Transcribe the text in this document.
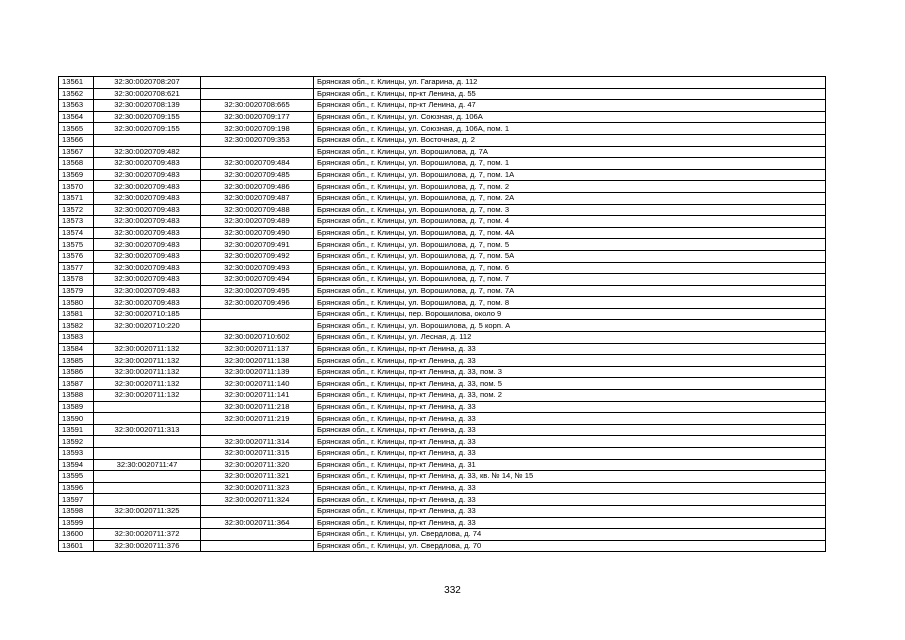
13561	32:30:0020708:207		Брянская обл., г. Клинцы, ул. Гагарина, д. 112
13562	32:30:0020708:621		Брянская обл., г. Клинцы, пр-кт Ленина, д. 55
13563	32:30:0020708:139	32:30:0020708:665	Брянская обл., г. Клинцы, пр-кт Ленина, д. 47
13564	32:30:0020709:155	32:30:0020709:177	Брянская обл., г. Клинцы, ул. Союзная, д. 106А
13565	32:30:0020709:155	32:30:0020709:198	Брянская обл., г. Клинцы, ул. Союзная, д. 106А, пом. 1
13566		32:30:0020709:353	Брянская обл., г. Клинцы, ул. Восточная, д. 2
13567	32:30:0020709:482		Брянская обл., г. Клинцы, ул. Ворошилова, д. 7А
13568	32:30:0020709:483	32:30:0020709:484	Брянская обл., г. Клинцы, ул. Ворошилова, д. 7, пом. 1
13569	32:30:0020709:483	32:30:0020709:485	Брянская обл., г. Клинцы, ул. Ворошилова, д. 7, пом. 1А
13570	32:30:0020709:483	32:30:0020709:486	Брянская обл., г. Клинцы, ул. Ворошилова, д. 7, пом. 2
13571	32:30:0020709:483	32:30:0020709:487	Брянская обл., г. Клинцы, ул. Ворошилова, д. 7, пом. 2А
13572	32:30:0020709:483	32:30:0020709:488	Брянская обл., г. Клинцы, ул. Ворошилова, д. 7, пом. 3
13573	32:30:0020709:483	32:30:0020709:489	Брянская обл., г. Клинцы, ул. Ворошилова, д. 7, пом. 4
13574	32:30:0020709:483	32:30:0020709:490	Брянская обл., г. Клинцы, ул. Ворошилова, д. 7, пом. 4А
13575	32:30:0020709:483	32:30:0020709:491	Брянская обл., г. Клинцы, ул. Ворошилова, д. 7, пом. 5
13576	32:30:0020709:483	32:30:0020709:492	Брянская обл., г. Клинцы, ул. Ворошилова, д. 7, пом. 5А
13577	32:30:0020709:483	32:30:0020709:493	Брянская обл., г. Клинцы, ул. Ворошилова, д. 7, пом. 6
13578	32:30:0020709:483	32:30:0020709:494	Брянская обл., г. Клинцы, ул. Ворошилова, д. 7, пом. 7
13579	32:30:0020709:483	32:30:0020709:495	Брянская обл., г. Клинцы, ул. Ворошилова, д. 7, пом. 7А
13580	32:30:0020709:483	32:30:0020709:496	Брянская обл., г. Клинцы, ул. Ворошилова, д. 7, пом. 8
13581	32:30:0020710:185		Брянская обл., г. Клинцы, пер. Ворошилова, около 9
13582	32:30:0020710:220		Брянская обл., г. Клинцы, ул. Ворошилова, д. 5 корп. А
13583		32:30:0020710:602	Брянская обл., г. Клинцы, ул. Лесная, д. 112
13584	32:30:0020711:132	32:30:0020711:137	Брянская обл., г. Клинцы, пр-кт Ленина, д. 33
13585	32:30:0020711:132	32:30:0020711:138	Брянская обл., г. Клинцы, пр-кт Ленина, д. 33
13586	32:30:0020711:132	32:30:0020711:139	Брянская обл., г. Клинцы, пр-кт Ленина, д. 33, пом. 3
13587	32:30:0020711:132	32:30:0020711:140	Брянская обл., г. Клинцы, пр-кт Ленина, д. 33, пом. 5
13588	32:30:0020711:132	32:30:0020711:141	Брянская обл., г. Клинцы, пр-кт Ленина, д. 33, пом. 2
13589		32:30:0020711:218	Брянская обл., г. Клинцы, пр-кт Ленина, д. 33
13590		32:30:0020711:219	Брянская обл., г. Клинцы, пр-кт Ленина, д. 33
13591	32:30:0020711:313		Брянская обл., г. Клинцы, пр-кт Ленина, д. 33
13592		32:30:0020711:314	Брянская обл., г. Клинцы, пр-кт Ленина, д. 33
13593		32:30:0020711:315	Брянская обл., г. Клинцы, пр-кт Ленина, д. 33
13594	32:30:0020711:47	32:30:0020711:320	Брянская обл., г. Клинцы, пр-кт Ленина, д. 31
13595		32:30:0020711:321	Брянская обл., г. Клинцы, пр-кт Ленина, д. 33, кв. № 14, № 15
13596		32:30:0020711:323	Брянская обл., г. Клинцы, пр-кт Ленина, д. 33
13597		32:30:0020711:324	Брянская обл., г. Клинцы, пр-кт Ленина, д. 33
13598	32:30:0020711:325		Брянская обл., г. Клинцы, пр-кт Ленина, д. 33
13599		32:30:0020711:364	Брянская обл., г. Клинцы, пр-кт Ленина, д. 33
13600	32:30:0020711:372		Брянская обл., г. Клинцы, ул. Свердлова, д. 74
13601	32:30:0020711:376		Брянская обл., г. Клинцы, ул. Свердлова, д. 70
332
